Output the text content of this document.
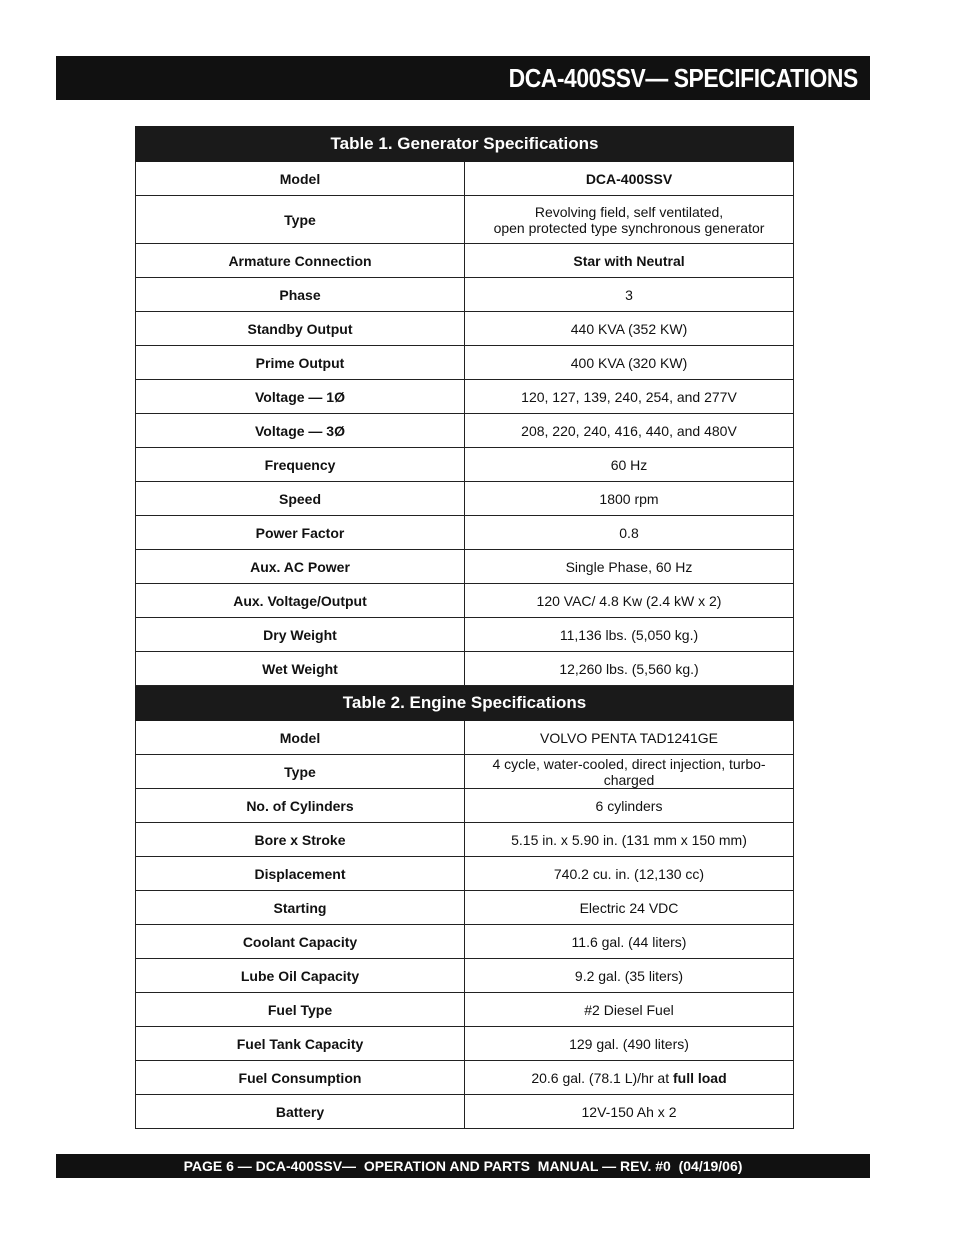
DCA-400SSV— SPECIFICATIONS
Table 1. Generator Specifications	
Model	DCA-400SSV
Type	Revolving field, self ventilated,
open protected type synchronous generator

Armature Connection	Star with Neutral
Phase	3
Standby Output	440 KVA (352 KW)
Prime Output	400 KVA (320 KW)
Voltage — 1Ø	120, 127, 139, 240, 254, and 277V
Voltage — 3Ø	208, 220, 240, 416, 440, and 480V
Frequency	60 Hz
Speed	1800 rpm
Power Factor	0.8
Aux. AC Power	Single Phase, 60 Hz
Aux. Voltage/Output	120 VAC/ 4.8 Kw (2.4 kW x 2)
Dry Weight	11,136 lbs. (5,050 kg.)
Wet Weight	12,260 lbs. (5,560 kg.)
Table 2. Engine Specifications	
Model	VOLVO PENTA TAD1241GE
Type	4 cycle, water-cooled, direct injection, turbo-charged
No. of Cylinders	6 cylinders
Bore x Stroke	5.15 in. x 5.90 in. (131 mm x 150 mm)
Displacement	740.2 cu. in. (12,130 cc)
Starting	Electric 24 VDC
Coolant Capacity	11.6 gal. (44 liters)
Lube Oil Capacity	9.2 gal. (35 liters)
Fuel Type	#2 Diesel Fuel
Fuel Tank Capacity	129 gal. (490 liters)
Fuel Consumption	20.6 gal. (78.1 L)/hr at full load
Battery	12V-150 Ah x 2
PAGE 6 — DCA-400SSV—  OPERATION AND PARTS  MANUAL — REV. #0  (04/19/06)
